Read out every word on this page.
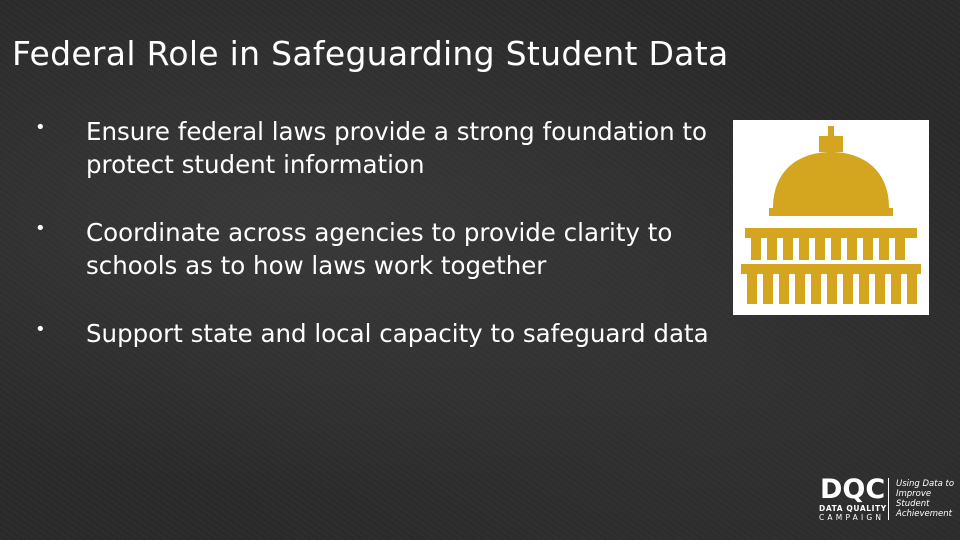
Federal Role in Safeguarding Student Data
• Ensure federal laws provide a strong foundation to protect student information
• Coordinate across agencies to provide clarity to schools as to how laws work together
• Support state and local capacity to safeguard data
DQC
DATA QUALITY
CAMPAIGN
Using Data to Improve Student Achievement
